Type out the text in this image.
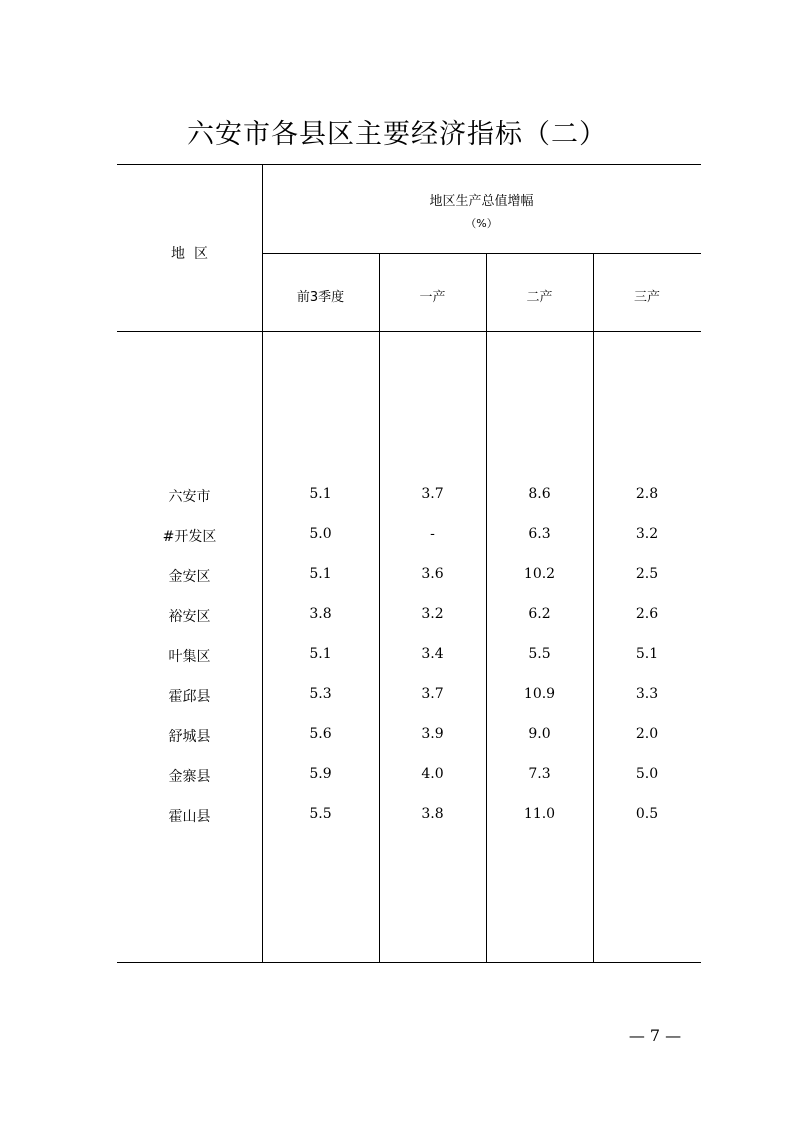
六安市各县区主要经济指标（二）
地  区
地区生产总值增幅
（%）
前3季度	一产	二产	三产
六安市	5.1	3.7	8.6	2.8
#开发区	5.0	-	6.3	3.2
金安区	5.1	3.6	10.2	2.5
裕安区	3.8	3.2	6.2	2.6
叶集区	5.1	3.4	5.5	5.1
霍邱县	5.3	3.7	10.9	3.3
舒城县	5.6	3.9	9.0	2.0
金寨县	5.9	4.0	7.3	5.0
霍山县	5.5	3.8	11.0	0.5
— 7 —
